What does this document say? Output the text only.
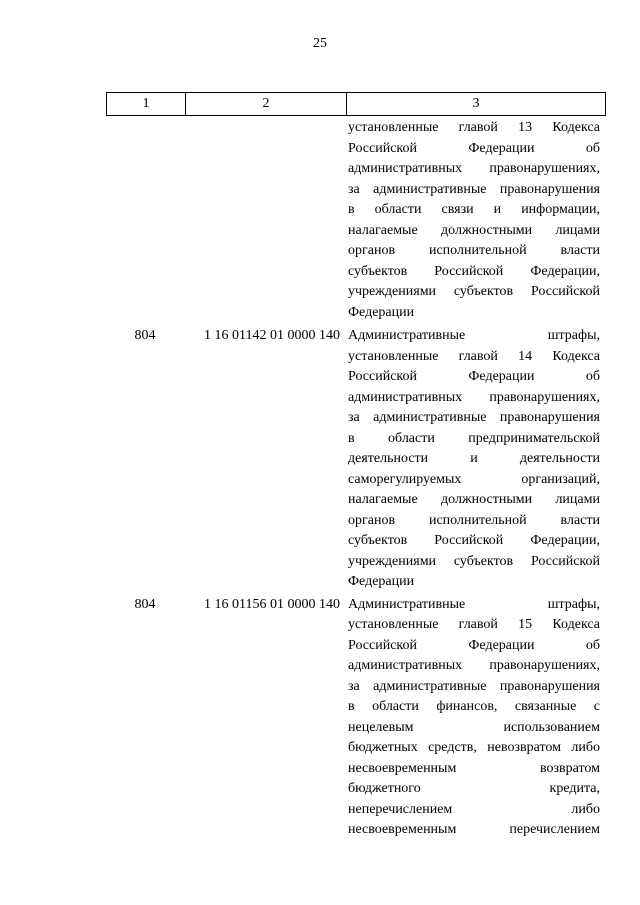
25
1	2	3
установленные главой 13 Кодекса
Российской Федерации об
административных правонарушениях,
за административные правонарушения
в области связи и информации,
налагаемые должностными лицами
органов исполнительной власти
субъектов Российской Федерации,
учреждениями субъектов Российской
Федерации
804	1 16 01142 01 0000 140 Административные штрафы,
установленные главой 14 Кодекса
Российской Федерации об
административных правонарушениях,
за административные правонарушения
в области предпринимательской
деятельности и деятельности
саморегулируемых организаций,
налагаемые должностными лицами
органов исполнительной власти
субъектов Российской Федерации,
учреждениями субъектов Российской
Федерации
804	1 16 01156 01 0000 140 Административные штрафы,
установленные главой 15 Кодекса
Российской Федерации об
административных правонарушениях,
за административные правонарушения
в области финансов, связанные с
нецелевым использованием
бюджетных средств, невозвратом либо
несвоевременным возвратом
бюджетного кредита,
неперечислением либо
несвоевременным перечислением
